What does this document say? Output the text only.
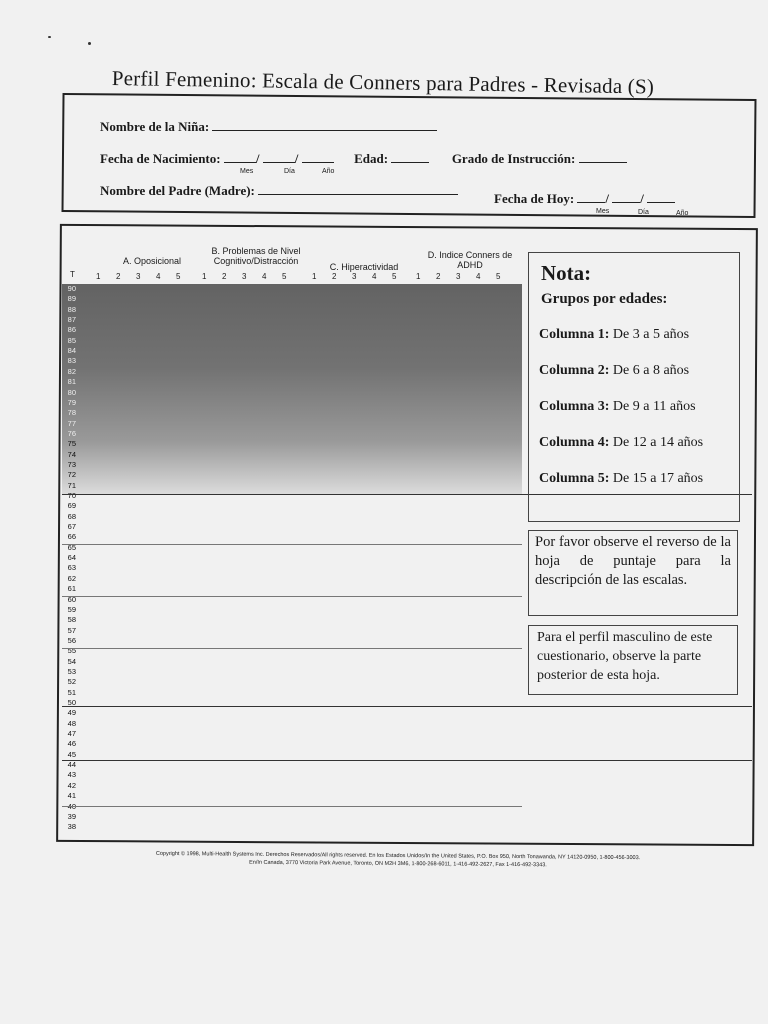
Perfil Femenino: Escala de Conners para Padres - Revisada (S)
Nombre de la Niña:
Fecha de Nacimiento:	/ /	Edad:	Grado de Instrucción:
Mes	Día	Año
Nombre del Padre (Madre):
Fecha de Hoy: / /
Mes	Día	Año
A. Oposicional
B. Problemas de Nivel Cognitivo/Distracción
C. Hiperactividad
D. Indice Conners de ADHD
T	1 2 3 4 5	1 2 3 4 5	1 2 3 4 5 1 2 3 4 5
90
89
88
87
86
85
84
83
82
81
80
79
78
77
76
75
74
73
72
71
70
69
68
67
66
65
64
63
62
61
60
59
58
57
56
55
54
53
52
51
50
49
48
47
46
45
44
43
42
41
40
39
38
Nota:
Grupos por edades:
Columna 1: De 3 a 5 años
Columna 2: De 6 a 8 años
Columna 3: De 9 a 11 años
Columna 4: De 12 a 14 años
Columna 5: De 15 a 17 años
Por favor observe el reverso de la hoja de puntaje para la descripción de las escalas.
Para el perfil masculino de este cuestionario, observe la parte posterior de esta hoja.
Copyright © 1998, Multi-Health Systems Inc. Derechos Reservados/All rights reserved. En los Estados Unidos/In the United States, P.O. Box 950, North Tonawanda, NY 14120-0950, 1-800-456-3003.
En/In Canada, 3770 Victoria Park Avenue, Toronto, ON M2H 3M6, 1-800-268-6011, 1-416-492-2627, Fax 1-416-492-3343.
